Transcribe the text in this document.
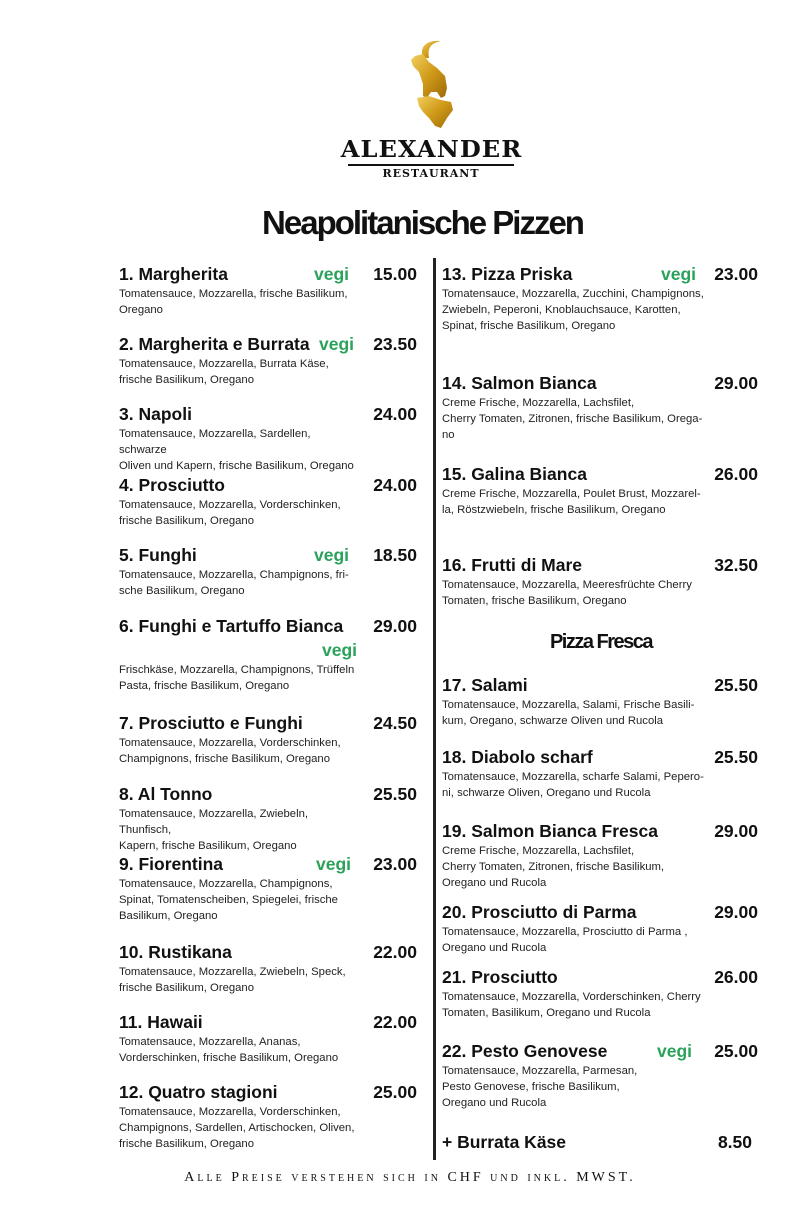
ALEXANDER
RESTAURANT
Neapolitanische Pizzen
1. Margherita	vegi 15.00
Tomatensauce, Mozzarella, frische Basilikum,
Oregano
2. Margherita e Burrata vegi 23.50
Tomatensauce, Mozzarella, Burrata Käse,
frische Basilikum, Oregano
3. Napoli	24.00
Tomatensauce, Mozzarella, Sardellen, schwarze
Oliven und Kapern, frische Basilikum, Oregano
4. Prosciutto	24.00
Tomatensauce, Mozzarella, Vorderschinken,
frische Basilikum, Oregano
5. Funghi	vegi 18.50
Tomatensauce, Mozzarella, Champignons, fri-
sche Basilikum, Oregano
6. Funghi e Tartuffo Bianca 29.00
vegi
Frischkäse, Mozzarella, Champignons, Trüffeln
Pasta, frische Basilikum, Oregano
7. Prosciutto e Funghi	24.50
Tomatensauce, Mozzarella, Vorderschinken,
Champignons, frische Basilikum, Oregano
8. Al Tonno	25.50
Tomatensauce, Mozzarella, Zwiebeln, Thunfisch,
Kapern, frische Basilikum, Oregano
9. Fiorentina	vegi 23.00
Tomatensauce, Mozzarella, Champignons,
Spinat, Tomatenscheiben, Spiegelei, frische
Basilikum, Oregano
10. Rustikana	22.00
Tomatensauce, Mozzarella, Zwiebeln, Speck,
frische Basilikum, Oregano
11. Hawaii	22.00
Tomatensauce, Mozzarella, Ananas,
Vorderschinken, frische Basilikum, Oregano
12. Quatro stagioni	25.00
Tomatensauce, Mozzarella, Vorderschinken,
Champignons, Sardellen, Artischocken, Oliven,
frische Basilikum, Oregano
13. Pizza Priska	vegi 23.00
Tomatensauce, Mozzarella, Zucchini, Champignons,
Zwiebeln, Peperoni, Knoblauchsauce, Karotten,
Spinat, frische Basilikum, Oregano
14. Salmon Bianca	29.00
Creme Frische, Mozzarella, Lachsfilet,
Cherry Tomaten, Zitronen, frische Basilikum, Orega-
no
15. Galina Bianca	26.00
Creme Frische, Mozzarella, Poulet Brust, Mozzarel-
la, Röstzwiebeln, frische Basilikum, Oregano
16. Frutti di Mare	32.50
Tomatensauce, Mozzarella, Meeresfrüchte Cherry
Tomaten, frische Basilikum, Oregano
Pizza Fresca
17. Salami	25.50
Tomatensauce, Mozzarella, Salami, Frische Basili-
kum, Oregano, schwarze Oliven und Rucola
18. Diabolo scharf	25.50
Tomatensauce, Mozzarella, scharfe Salami, Pepero-
ni, schwarze Oliven, Oregano und Rucola
19. Salmon Bianca Fresca	29.00
Creme Frische, Mozzarella, Lachsfilet,
Cherry Tomaten, Zitronen, frische Basilikum,
Oregano und Rucola
20. Prosciutto di Parma	29.00
Tomatensauce, Mozzarella, Prosciutto di Parma ,
Oregano und Rucola
21. Prosciutto	26.00
Tomatensauce, Mozzarella, Vorderschinken, Cherry
Tomaten, Basilikum, Oregano und Rucola
22. Pesto Genovese	vegi 25.00
Tomatensauce, Mozzarella, Parmesan,
Pesto Genovese, frische Basilikum,
Oregano und Rucola
+ Burrata Käse	8.50
Alle Preise verstehen sich in CHF und inkl. MWST.
